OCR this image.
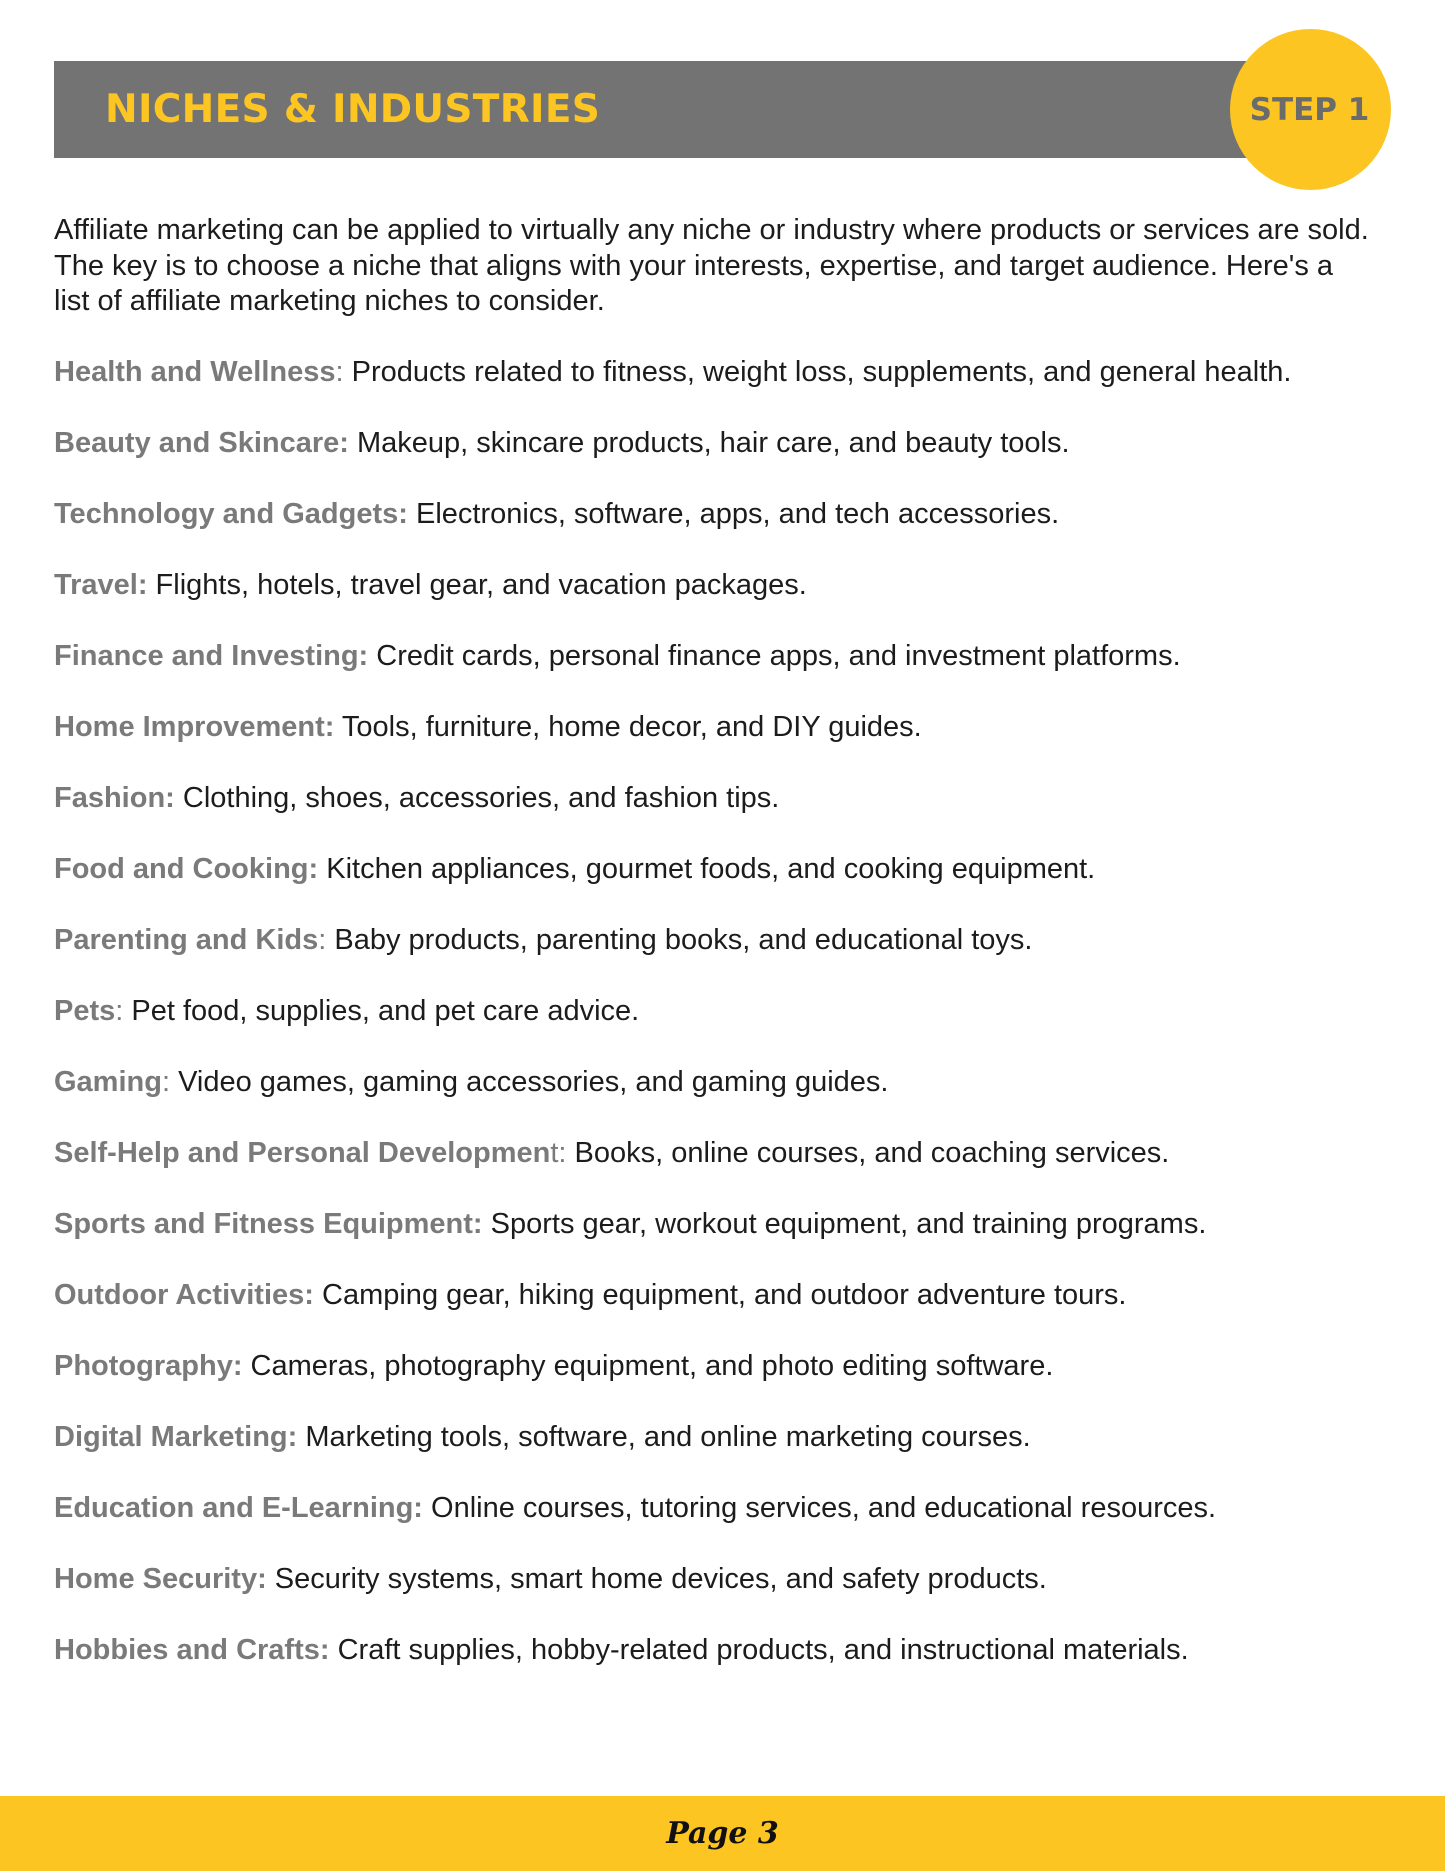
NICHES & INDUSTRIES	STEP 1

Affiliate marketing can be applied to virtually any niche or industry where products or services are sold. The key is to choose a niche that aligns with your interests, expertise, and target audience. Here's a list of affiliate marketing niches to consider.

Health and Wellness: Products related to fitness, weight loss, supplements, and general health.

Beauty and Skincare: Makeup, skincare products, hair care, and beauty tools.

Technology and Gadgets: Electronics, software, apps, and tech accessories.

Travel: Flights, hotels, travel gear, and vacation packages.

Finance and Investing: Credit cards, personal finance apps, and investment platforms.

Home Improvement: Tools, furniture, home decor, and DIY guides.

Fashion: Clothing, shoes, accessories, and fashion tips.

Food and Cooking: Kitchen appliances, gourmet foods, and cooking equipment.

Parenting and Kids: Baby products, parenting books, and educational toys.

Pets: Pet food, supplies, and pet care advice.

Gaming: Video games, gaming accessories, and gaming guides.

Self-Help and Personal Development: Books, online courses, and coaching services.

Sports and Fitness Equipment: Sports gear, workout equipment, and training programs.

Outdoor Activities: Camping gear, hiking equipment, and outdoor adventure tours.

Photography: Cameras, photography equipment, and photo editing software.

Digital Marketing: Marketing tools, software, and online marketing courses.

Education and E-Learning: Online courses, tutoring services, and educational resources.

Home Security: Security systems, smart home devices, and safety products.

Hobbies and Crafts: Craft supplies, hobby-related products, and instructional materials.

Page 3
